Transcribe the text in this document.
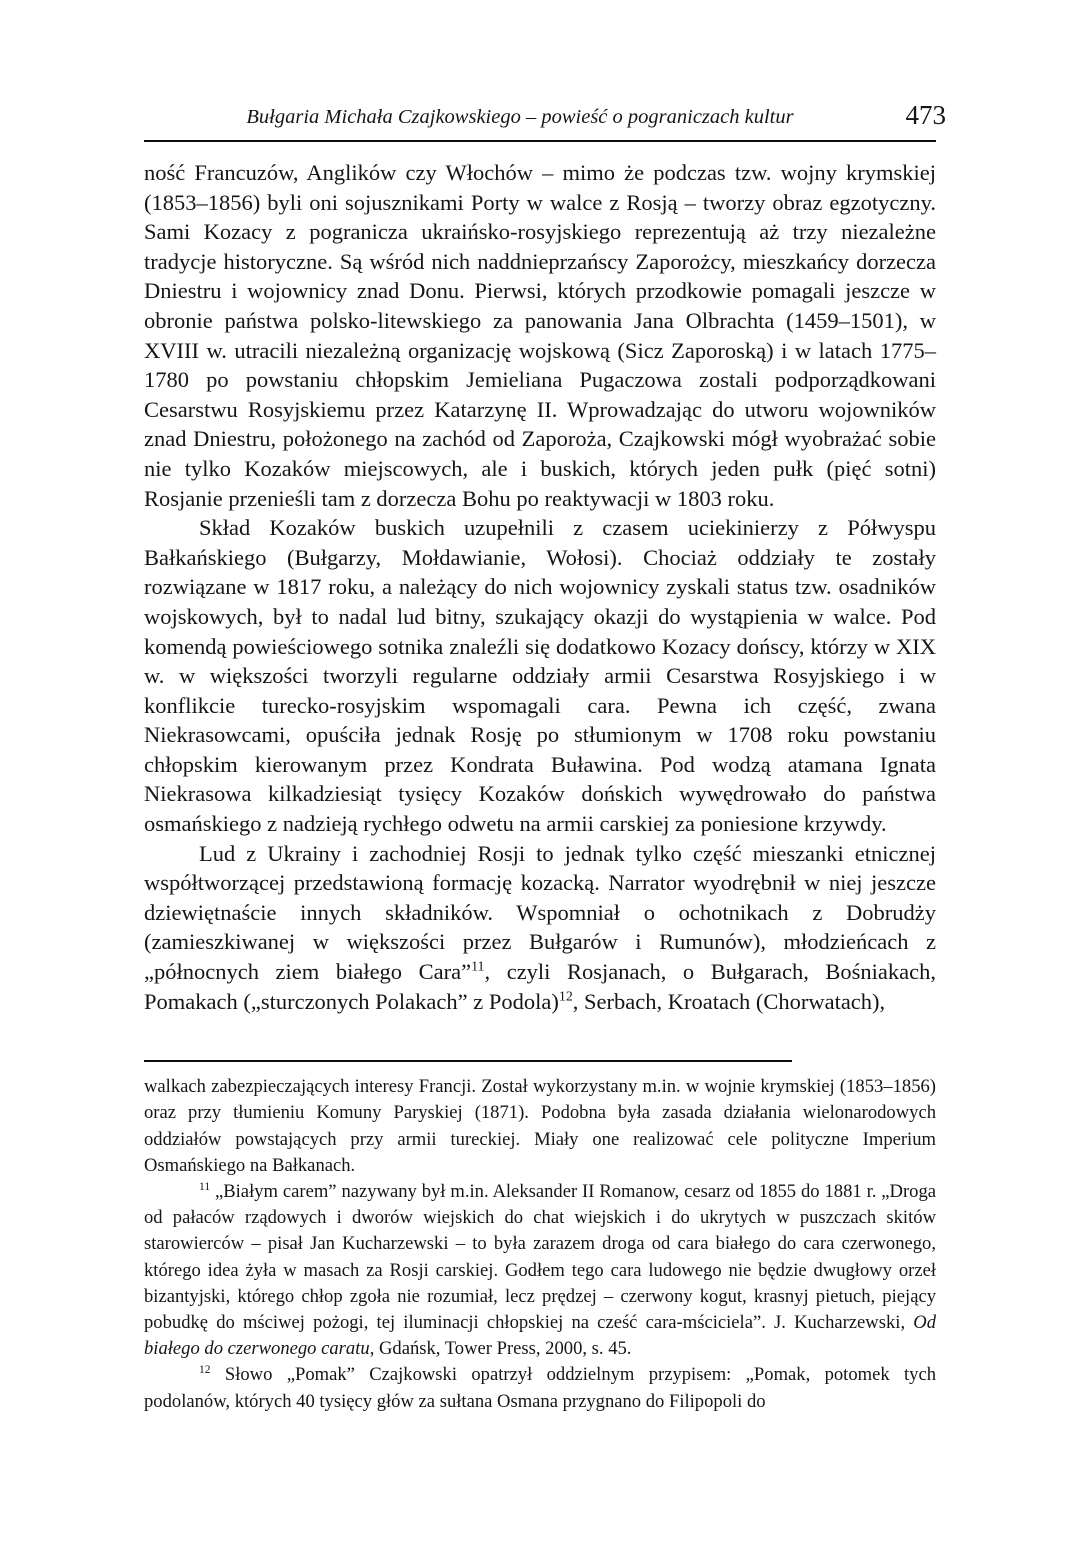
Bułgaria Michała Czajkowskiego – powieść o pograniczach kultur	473

ność Francuzów, Anglików czy Włochów – mimo że podczas tzw. wojny krymskiej (1853–1856) byli oni sojusznikami Porty w walce z Rosją – tworzy obraz egzotyczny. Sami Kozacy z pogranicza ukraińsko-rosyjskiego reprezentują aż trzy niezależne tradycje historyczne. Są wśród nich naddnieprzańscy Zaporożcy, mieszkańcy dorzecza Dniestru i wojownicy znad Donu. Pierwsi, których przodkowie pomagali jeszcze w obronie państwa polsko-litewskiego za panowania Jana Olbrachta (1459–1501), w XVIII w. utracili niezależną organizację wojskową (Sicz Zaporoską) i w latach 1775–1780 po powstaniu chłopskim Jemieliana Pugaczowa zostali podporządkowani Cesarstwu Rosyjskiemu przez Katarzynę II. Wprowadzając do utworu wojowników znad Dniestru, położonego na zachód od Zaporoża, Czajkowski mógł wyobrażać sobie nie tylko Kozaków miejscowych, ale i buskich, których jeden pułk (pięć sotni) Rosjanie przenieśli tam z dorzecza Bohu po reaktywacji w 1803 roku.

Skład Kozaków buskich uzupełnili z czasem uciekinierzy z Półwyspu Bałkańskiego (Bułgarzy, Mołdawianie, Wołosi). Chociaż oddziały te zostały rozwiązane w 1817 roku, a należący do nich wojownicy zyskali status tzw. osadników wojskowych, był to nadal lud bitny, szukający okazji do wystąpienia w walce. Pod komendą powieściowego sotnika znaleźli się dodatkowo Kozacy dońscy, którzy w XIX w. w większości tworzyli regularne oddziały armii Cesarstwa Rosyjskiego i w konflikcie turecko-rosyjskim wspomagali cara. Pewna ich część, zwana Niekrasowcami, opuściła jednak Rosję po stłumionym w 1708 roku powstaniu chłopskim kierowanym przez Kondrata Buławina. Pod wodzą atamana Ignata Niekrasowa kilkadziesiąt tysięcy Kozaków dońskich wywędrowało do państwa osmańskiego z nadzieją rychłego odwetu na armii carskiej za poniesione krzywdy.

Lud z Ukrainy i zachodniej Rosji to jednak tylko część mieszanki etnicznej współtworzącej przedstawioną formację kozacką. Narrator wyodrębnił w niej jeszcze dziewiętnaście innych składników. Wspomniał o ochotnikach z Dobrudży (zamieszkiwanej w większości przez Bułgarów i Rumunów), młodzieńcach z „północnych ziem białego Cara”$^{11}$, czyli Rosjanach, o Bułgarach, Bośniakach, Pomakach („sturczonych Polakach” z Podola)$^{12}$, Serbach, Kroatach (Chorwatach),

walkach zabezpieczających interesy Francji. Został wykorzystany m.in. w wojnie krymskiej (1853–1856) oraz przy tłumieniu Komuny Paryskiej (1871). Podobna była zasada działania wielonarodowych oddziałów powstających przy armii tureckiej. Miały one realizować cele polityczne Imperium Osmańskiego na Bałkanach.

$^{11}$ „Białym carem” nazywany był m.in. Aleksander II Romanow, cesarz od 1855 do 1881 r. „Droga od pałaców rządowych i dworów wiejskich do chat wiejskich i do ukrytych w puszczach skitów starowierców – pisał Jan Kucharzewski – to była zarazem droga od cara białego do cara czerwonego, którego idea żyła w masach za Rosji carskiej. Godłem tego cara ludowego nie będzie dwugłowy orzeł bizantyjski, którego chłop zgoła nie rozumiał, lecz prędzej – czerwony kogut, krasnyj pietuch, piejący pobudkę do mściwej pożogi, tej iluminacji chłopskiej na cześć cara-mściciela”. J. Kucharzewski, Od białego do czerwonego caratu, Gdańsk, Tower Press, 2000, s. 45.

$^{12}$ Słowo „Pomak” Czajkowski opatrzył oddzielnym przypisem: „Pomak, potomek tych podolanów, których 40 tysięcy głów za sułtana Osmana przygnano do Filipopoli do
